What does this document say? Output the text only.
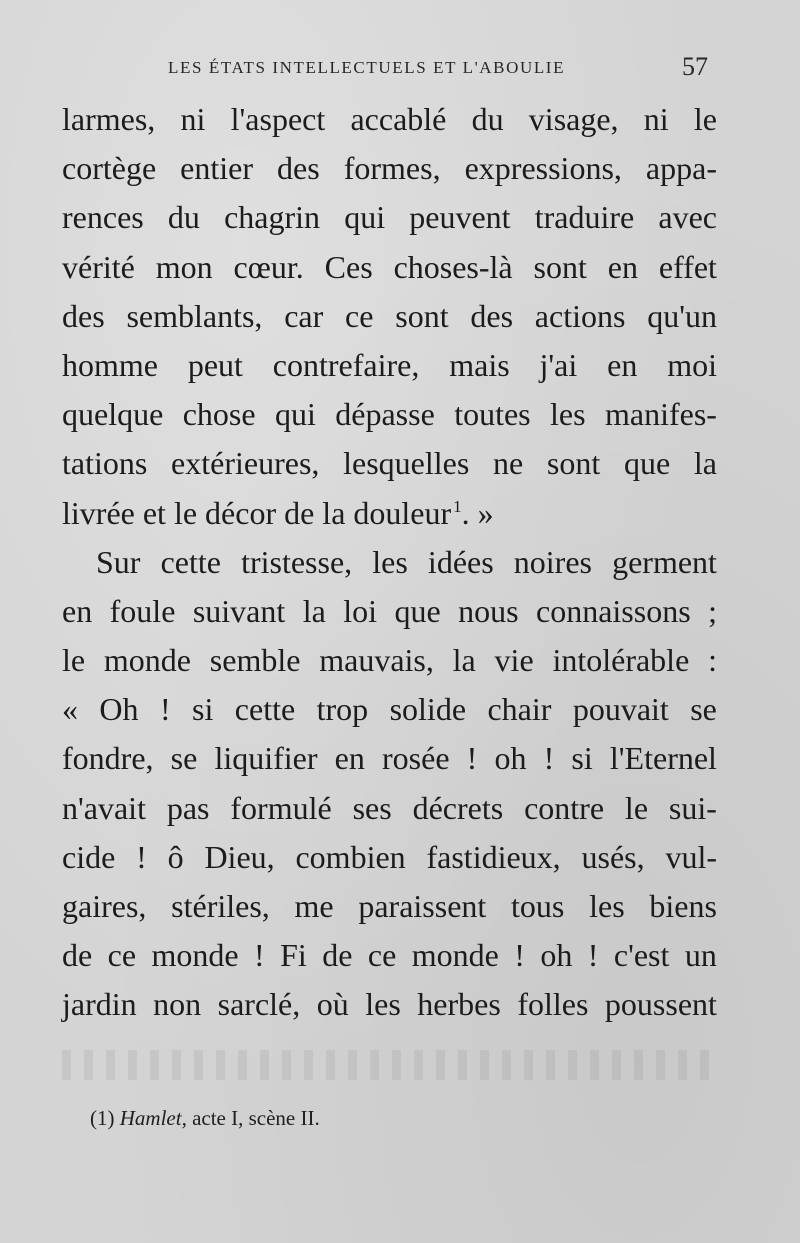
LES ÉTATS INTELLECTUELS ET L'ABOULIE	57
larmes, ni l'aspect accablé du visage, ni le
cortège entier des formes, expressions, appa-
rences du chagrin qui peuvent traduire avec
vérité mon cœur. Ces choses-là sont en effet
des semblants, car ce sont des actions qu'un
homme peut contrefaire, mais j'ai en moi
quelque chose qui dépasse toutes les manifes-
tations extérieures, lesquelles ne sont que la
livrée et le décor de la douleur $^1$. »
Sur cette tristesse, les idées noires germent
en foule suivant la loi que nous connaissons ;
le monde semble mauvais, la vie intolérable :
« Oh ! si cette trop solide chair pouvait se
fondre, se liquifier en rosée ! oh ! si l'Eternel
n'avait pas formulé ses décrets contre le sui-
cide ! ô Dieu, combien fastidieux, usés, vul-
gaires, stériles, me paraissent tous les biens
de ce monde ! Fi de ce monde ! oh ! c'est un
jardin non sarclé, où les herbes folles poussent
(1) Hamlet, acte I, scène II.
